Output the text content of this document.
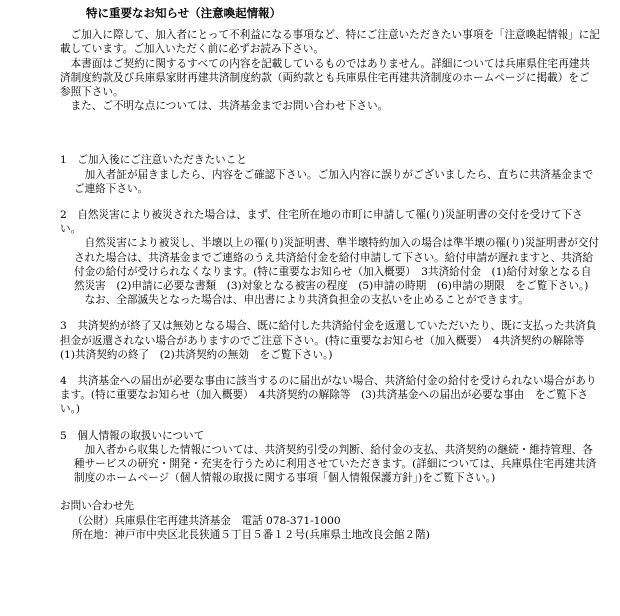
特に重要なお知らせ（注意喚起情報）

ご加入に際して、加入者にとって不利益になる事項など、特にご注意いただきたい事項を「注意喚起情報」に記載しています。ご加入いただく前に必ずお読み下さい。

本書面はご契約に関するすべての内容を記載しているものではありません。詳細については兵庫県住宅再建共済制度約款及び兵庫県家財再建共済制度約款（両約款とも兵庫県住宅再建共済制度のホームページに掲載）をご参照下さい。

また、ご不明な点については、共済基金までお問い合わせ下さい。

1　ご加入後にご注意いただきたいこと

加入者証が届きましたら、内容をご確認下さい。ご加入内容に誤りがございましたら、直ちに共済基金までご連絡下さい。

2　自然災害により被災された場合は、まず、住宅所在地の市町に申請して罹(り)災証明書の交付を受けて下さい。

自然災害により被災し、半壊以上の罹(り)災証明書、準半壊特約加入の場合は準半壊の罹(り)災証明書が交付された場合は、共済基金までご連絡のうえ共済給付金を給付申請して下さい。給付申請が遅れますと、共済給付金の給付が受けられなくなります。(特に重要なお知らせ（加入概要）　3共済給付金　(1)給付対象となる自然災害　(2)申請に必要な書類　(3)対象となる被害の程度　(5)申請の時期　(6)申請の期限　をご覧下さい。)

なお、全部滅失となった場合は、申出書により共済負担金の支払いを止めることができます。

3　共済契約が終了又は無効となる場合、既に給付した共済給付金を返還していただいたり、既に支払った共済負担金が返還されない場合がありますのでご注意下さい。(特に重要なお知らせ（加入概要）　4共済契約の解除等　(1)共済契約の終了　(2)共済契約の無効　をご覧下さい。)

4　共済基金への届出が必要な事由に該当するのに届出がない場合、共済給付金の給付を受けられない場合があります。(特に重要なお知らせ（加入概要）　4共済契約の解除等　(3)共済基金への届出が必要な事由　をご覧下さい。)

5　個人情報の取扱いについて

加入者から収集した情報については、共済契約引受の判断、給付金の支払、共済契約の継続・維持管理、各種サービスの研究・開発・充実を行うために利用させていただきます。(詳細については、兵庫県住宅再建共済制度のホームページ（個人情報の取扱に関する事項「個人情報保護方針」)をご覧下さい。)

お問い合わせ先

（公財）兵庫県住宅再建共済基金　電話 078-371-1000

所在地：神戸市中央区北長狭通５丁目５番１２号(兵庫県土地改良会館２階)
